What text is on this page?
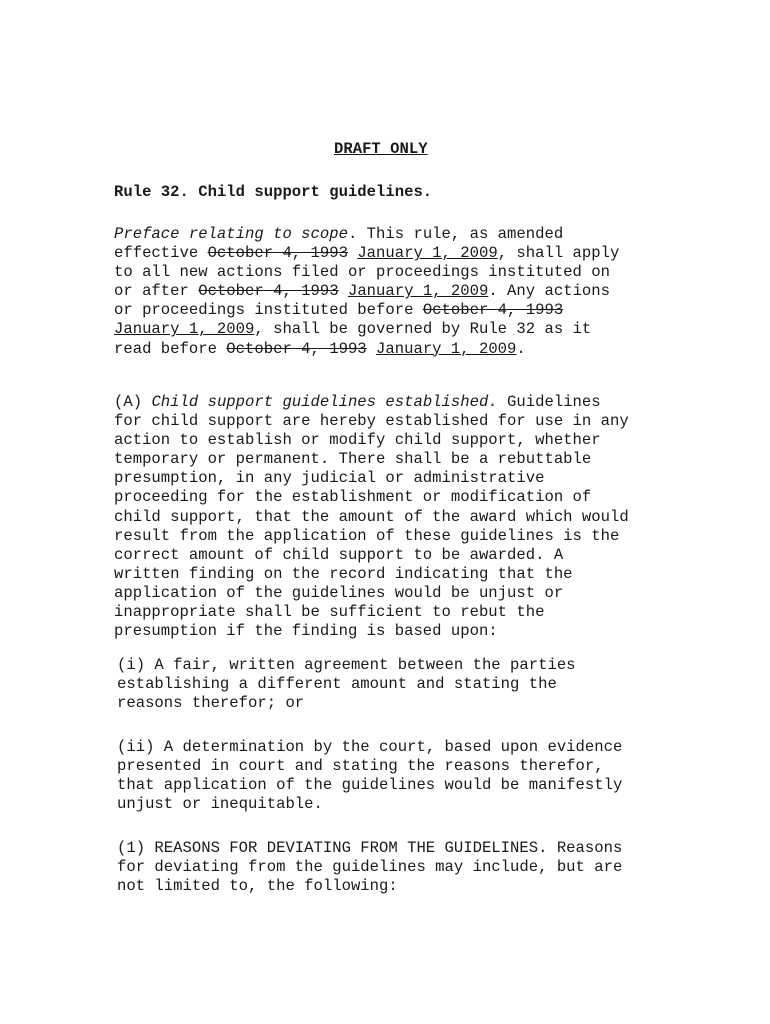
DRAFT ONLY
Rule 32. Child support guidelines.
Preface relating to scope. This rule, as amended
effective October 4, 1993 January 1, 2009, shall apply
to all new actions filed or proceedings instituted on
or after October 4, 1993 January 1, 2009. Any actions
or proceedings instituted before October 4, 1993
January 1, 2009, shall be governed by Rule 32 as it
read before October 4, 1993 January 1, 2009.
(A) Child support guidelines established. Guidelines
for child support are hereby established for use in any
action to establish or modify child support, whether
temporary or permanent. There shall be a rebuttable
presumption, in any judicial or administrative
proceeding for the establishment or modification of
child support, that the amount of the award which would
result from the application of these guidelines is the
correct amount of child support to be awarded. A
written finding on the record indicating that the
application of the guidelines would be unjust or
inappropriate shall be sufficient to rebut the
presumption if the finding is based upon:
(i) A fair, written agreement between the parties
establishing a different amount and stating the
reasons therefor; or
(ii) A determination by the court, based upon evidence
presented in court and stating the reasons therefor,
that application of the guidelines would be manifestly
unjust or inequitable.
(1) REASONS FOR DEVIATING FROM THE GUIDELINES. Reasons
for deviating from the guidelines may include, but are
not limited to, the following:
